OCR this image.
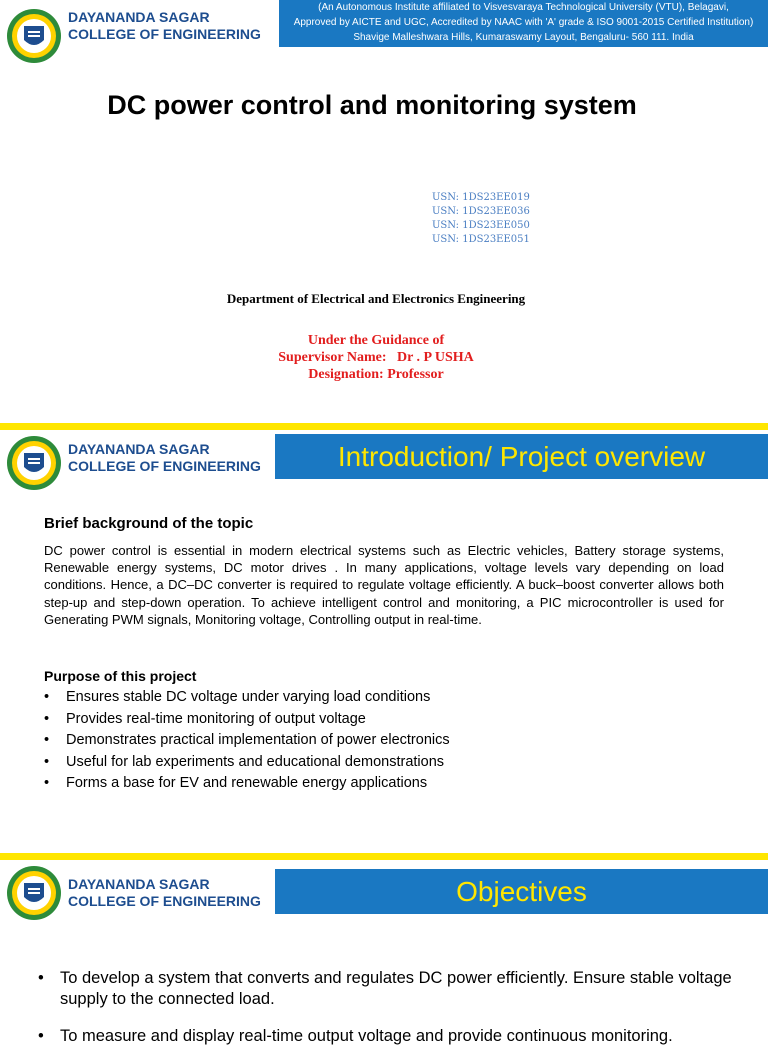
DAYANANDA SAGAR
COLLEGE OF ENGINEERING
(An Autonomous Institute affiliated to Visvesvaraya Technological University (VTU), Belagavi,
Approved by AICTE and UGC, Accredited by NAAC with 'A' grade & ISO 9001-2015 Certified Institution)
Shavige Malleshwara Hills, Kumaraswamy Layout, Bengaluru- 560 111. India
DC power control and monitoring system
USN: 1DS23EE019
USN: 1DS23EE036
USN: 1DS23EE050
USN: 1DS23EE051
Department of Electrical and Electronics Engineering
Under the Guidance of
Supervisor Name:   Dr . P USHA
Designation: Professor
DAYANANDA SAGAR
COLLEGE OF ENGINEERING	Introduction/ Project overview
Brief background of the topic
DC power control is essential in modern electrical systems such as Electric vehicles, Battery storage systems, Renewable energy systems, DC motor drives . In many applications, voltage levels vary depending on load conditions. Hence, a DC–DC converter is required to regulate voltage efficiently. A buck–boost converter allows both step-up and step-down operation. To achieve intelligent control and monitoring, a PIC microcontroller is used for Generating PWM signals, Monitoring voltage, Controlling output in real-time.
Purpose of this project
• Ensures stable DC voltage under varying load conditions
• Provides real-time monitoring of output voltage
• Demonstrates practical implementation of power electronics
• Useful for lab experiments and educational demonstrations
• Forms a base for EV and renewable energy applications
DAYANANDA SAGAR
COLLEGE OF ENGINEERING	Objectives
• To develop a system that converts and regulates DC power efficiently. Ensure stable voltage supply to the connected load.
• To measure and display real-time output voltage and provide continuous monitoring.
